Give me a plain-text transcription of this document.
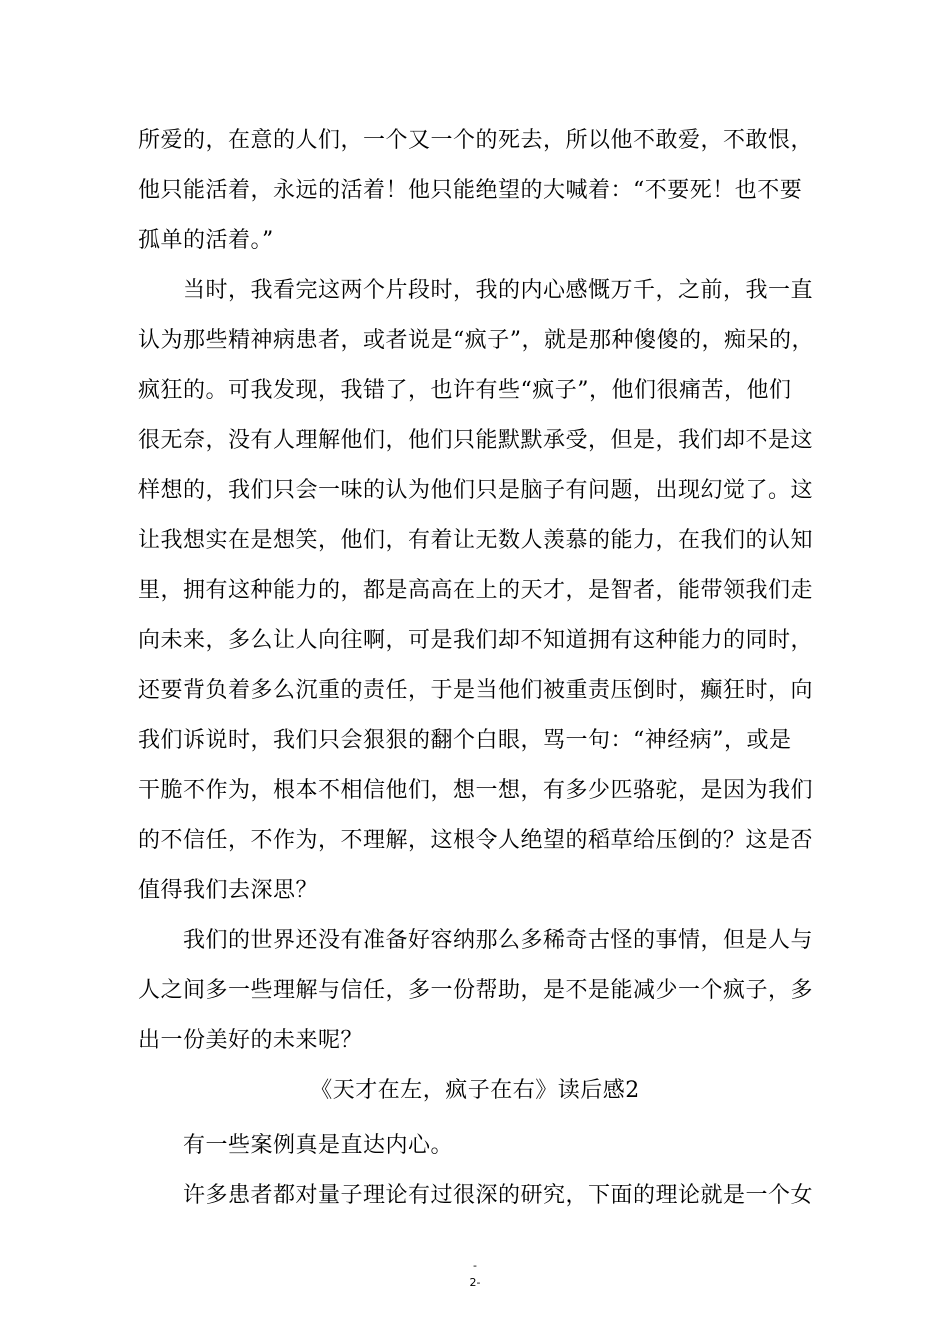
所爱的，在意的人们，一个又一个的死去，所以他不敢爱，不敢恨，
他只能活着，永远的活着！他只能绝望的大喊着：“不要死！也不要
孤单的活着。”
当时，我看完这两个片段时，我的内心感慨万千，之前，我一直
认为那些精神病患者，或者说是“疯子”，就是那种傻傻的，痴呆的，
疯狂的。可我发现，我错了，也许有些“疯子”，他们很痛苦，他们
很无奈，没有人理解他们，他们只能默默承受，但是，我们却不是这
样想的，我们只会一味的认为他们只是脑子有问题，出现幻觉了。这
让我想实在是想笑，他们，有着让无数人羡慕的能力，在我们的认知
里，拥有这种能力的，都是高高在上的天才，是智者，能带领我们走
向未来，多么让人向往啊，可是我们却不知道拥有这种能力的同时，
还要背负着多么沉重的责任，于是当他们被重责压倒时，癫狂时，向
我们诉说时，我们只会狠狠的翻个白眼，骂一句：“神经病”，或是
干脆不作为，根本不相信他们，想一想，有多少匹骆驼，是因为我们
的不信任，不作为，不理解，这根令人绝望的稻草给压倒的？这是否
值得我们去深思？
我们的世界还没有准备好容纳那么多稀奇古怪的事情，但是人与
人之间多一些理解与信任，多一份帮助，是不是能减少一个疯子，多
出一份美好的未来呢？
《天才在左，疯子在右》读后感2
有一些案例真是直达内心。
许多患者都对量子理论有过很深的研究，下面的理论就是一个女
-
2-
